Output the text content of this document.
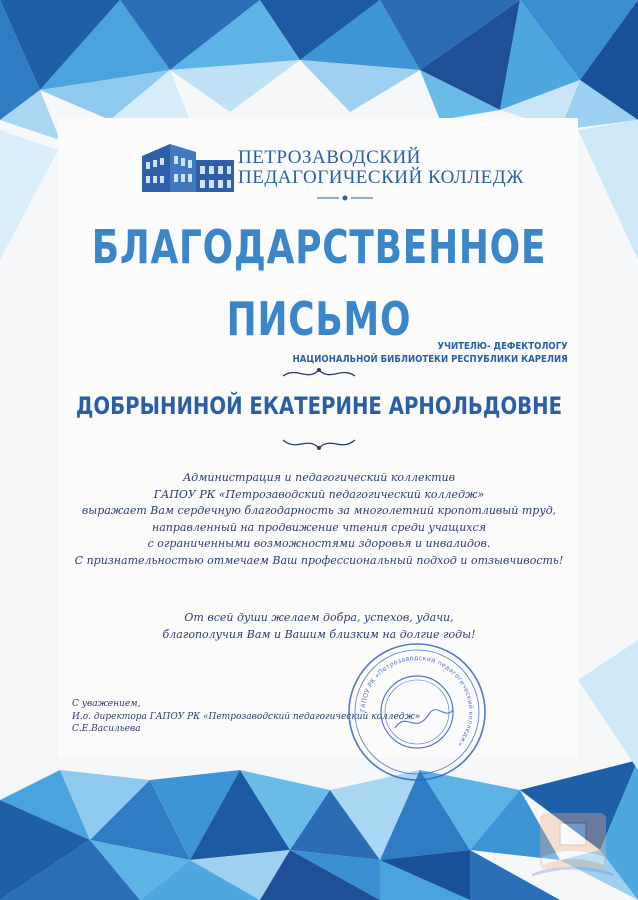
ПЕТРОЗАВОДСКИЙ
ПЕДАГОГИЧЕСКИЙ КОЛЛЕДЖ
БЛАГОДАРСТВЕННОЕ
ПИСЬМО
УЧИТЕЛЮ- ДЕФЕКТОЛОГУ
НАЦИОНАЛЬНОЙ БИБЛИОТЕКИ РЕСПУБЛИКИ КАРЕЛИЯ
ДОБРЫНИНОЙ ЕКАТЕРИНЕ АРНОЛЬДОВНЕ
Администрация и педагогический коллектив
ГАПОУ РК «Петрозаводский педагогический колледж»
выражает Вам сердечную благодарность за многолетний кропотливый труд,
направленный на продвижение чтения среди учащихся
с ограниченными возможностями здоровья и инвалидов.
С признательностью отмечаем Ваш профессиональный подход и отзывчивость!
От всей души желаем добра, успехов, удачи,
благополучия Вам и Вашим близким на долгие годы!
С уважением,
И.о. директора ГАПОУ РК «Петрозаводский педагогический колледж»
С.Е.Васильева
ГАПОУ РК «Петрозаводский педагогический колледж»
